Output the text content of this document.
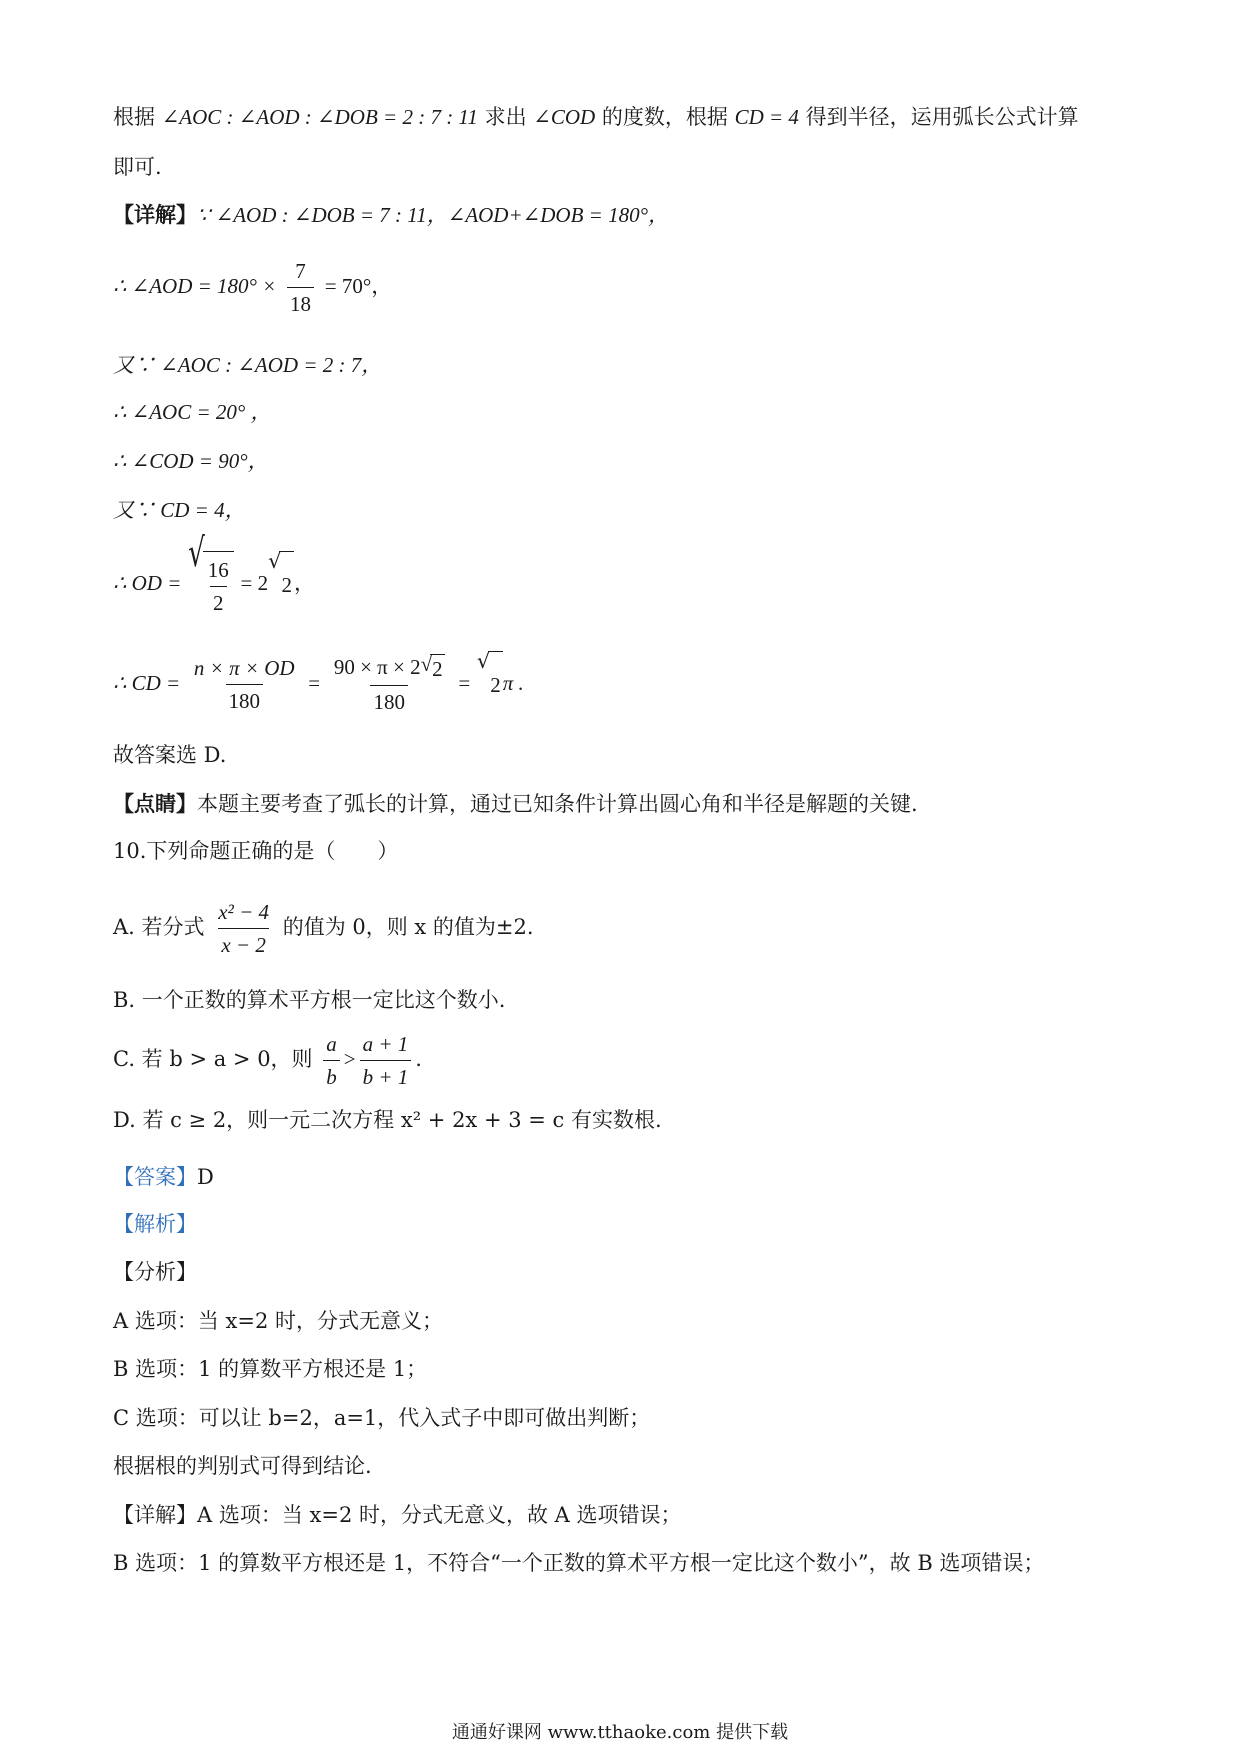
根据 ∠AOC : ∠AOD : ∠DOB = 2 : 7 : 11 求出 ∠COD 的度数，根据 CD = 4 得到半径，运用弧长公式计算
即可.
【详解】∵ ∠AOD : ∠DOB = 7 : 11，∠AOD+∠DOB = 180°，
∴ ∠AOD = $180^\circ \times \frac{7}{18} = 70^\circ$，
又∵ ∠AOC : ∠AOD = 2 : 7，
∴ ∠AOC = 20° ，
∴ ∠COD = 90°，
又∵ CD = 4，
∴ OD =
√
$\frac{16}{2} = 2$
√
2 ，
∴ CD = $\frac{n \times \pi \times OD}{180} = \frac{90 \times \pi \times 2 √ 2}{180}$ =
√
2 π .
故答案选 D.
【点睛】本题主要考查了弧长的计算，通过已知条件计算出圆心角和半径是解题的关键.
10.下列命题正确的是（　　）
A. 若分式 $\frac{\text{x² − 4}}{x - 2}$ 的值为 0，则 x 的值为±2.
B. 一个正数的算术平方根一定比这个数小.
C. 若 b > a > 0，则 $\frac{a}{b} > \frac{a + 1}{b + 1}$ .
D. 若 c ≥ 2，则一元二次方程 x² + 2x + 3 = c 有实数根.
【答案】D
【解析】
【分析】
A 选项：当 x=2 时，分式无意义；
B 选项：1 的算数平方根还是 1；
C 选项：可以让 b=2，a=1，代入式子中即可做出判断；
根据根的判别式可得到结论.
【详解】A 选项：当 x=2 时，分式无意义，故 A 选项错误；
B 选项：1 的算数平方根还是 1，不符合“一个正数的算术平方根一定比这个数小”，故 B 选项错误；
通通好课网 www.tthaoke.com 提供下载
